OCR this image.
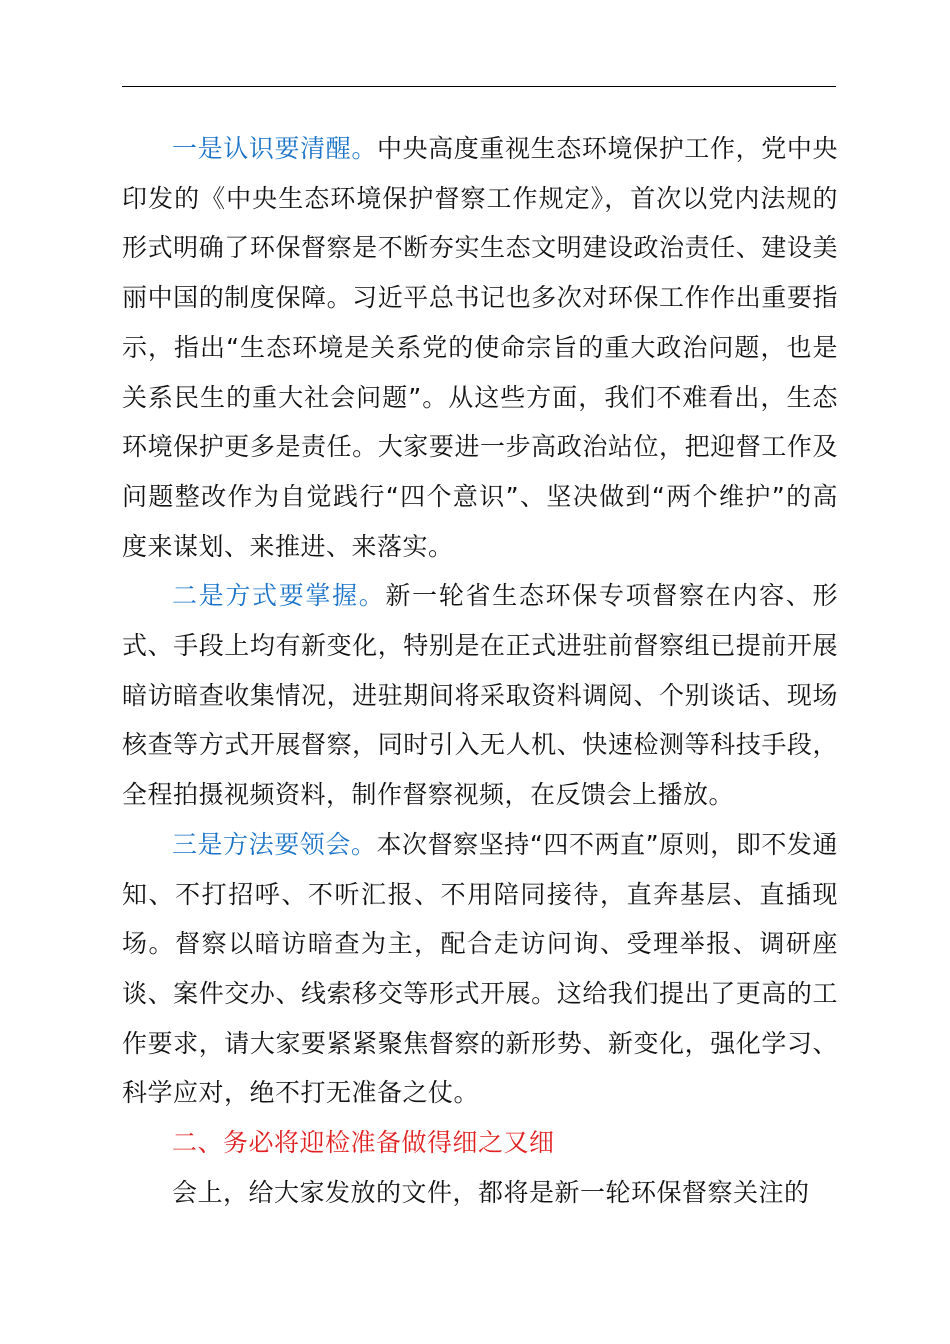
一是认识要清醒。中央高度重视生态环境保护工作，党中央印发的《中央生态环境保护督察工作规定》，首次以党内法规的形式明确了环保督察是不断夯实生态文明建设政治责任、建设美丽中国的制度保障。习近平总书记也多次对环保工作作出重要指示，指出“生态环境是关系党的使命宗旨的重大政治问题，也是关系民生的重大社会问题”。从这些方面，我们不难看出，生态环境保护更多是责任。大家要进一步高政治站位，把迎督工作及问题整改作为自觉践行“四个意识”、坚决做到“两个维护”的高度来谋划、来推进、来落实。

二是方式要掌握。新一轮省生态环保专项督察在内容、形式、手段上均有新变化，特别是在正式进驻前督察组已提前开展暗访暗查收集情况，进驻期间将采取资料调阅、个别谈话、现场核查等方式开展督察，同时引入无人机、快速检测等科技手段，全程拍摄视频资料，制作督察视频，在反馈会上播放。

三是方法要领会。本次督察坚持“四不两直”原则，即不发通知、不打招呼、不听汇报、不用陪同接待，直奔基层、直插现场。督察以暗访暗查为主，配合走访问询、受理举报、调研座谈、案件交办、线索移交等形式开展。这给我们提出了更高的工作要求，请大家要紧紧聚焦督察的新形势、新变化，强化学习、科学应对，绝不打无准备之仗。

二、务必将迎检准备做得细之又细

会上，给大家发放的文件，都将是新一轮环保督察关注的
